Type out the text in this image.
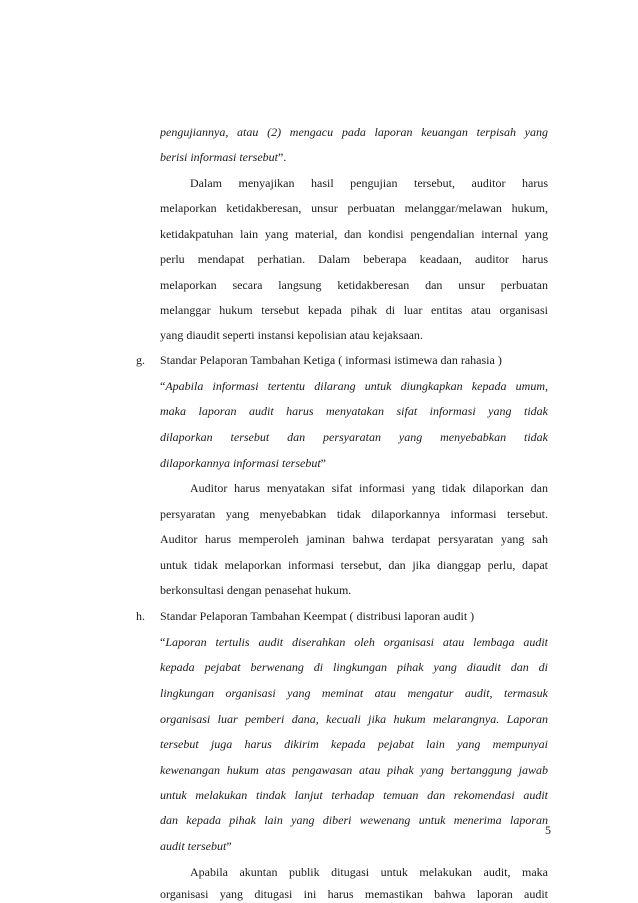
pengujiannya, atau (2) mengacu pada laporan keuangan terpisah yang
berisi informasi tersebut”.
Dalam menyajikan hasil pengujian tersebut, auditor harus
melaporkan ketidakberesan, unsur perbuatan melanggar/melawan hukum,
ketidakpatuhan lain yang material, dan kondisi pengendalian internal yang
perlu mendapat perhatian. Dalam beberapa keadaan, auditor harus
melaporkan secara langsung ketidakberesan dan unsur perbuatan
melanggar hukum tersebut kepada pihak di luar entitas atau organisasi
yang diaudit seperti instansi kepolisian atau kejaksaan.
g. Standar Pelaporan Tambahan Ketiga ( informasi istimewa dan rahasia )
“Apabila informasi tertentu dilarang untuk diungkapkan kepada umum,
maka laporan audit harus menyatakan sifat informasi yang tidak
dilaporkan tersebut dan persyaratan yang menyebabkan tidak
dilaporkannya informasi tersebut”
Auditor harus menyatakan sifat informasi yang tidak dilaporkan dan
persyaratan yang menyebabkan tidak dilaporkannya informasi tersebut.
Auditor harus memperoleh jaminan bahwa terdapat persyaratan yang sah
untuk tidak melaporkan informasi tersebut, dan jika dianggap perlu, dapat
berkonsultasi dengan penasehat hukum.
h. Standar Pelaporan Tambahan Keempat ( distribusi laporan audit )
“Laporan tertulis audit diserahkan oleh organisasi atau lembaga audit
kepada pejabat berwenang di lingkungan pihak yang diaudit dan di
lingkungan organisasi yang meminat atau mengatur audit, termasuk
organisasi luar pemberi dana, kecuali jika hukum melarangnya. Laporan
tersebut juga harus dikirim kepada pejabat lain yang mempunyai
kewenangan hukum atas pengawasan atau pihak yang bertanggung jawab
untuk melakukan tindak lanjut terhadap temuan dan rekomendasi audit
dan kepada pihak lain yang diberi wewenang untuk menerima laporan
audit tersebut”
Apabila akuntan publik ditugasi untuk melakukan audit, maka
organisasi yang ditugasi ini harus memastikan bahwa laporan audit
5
